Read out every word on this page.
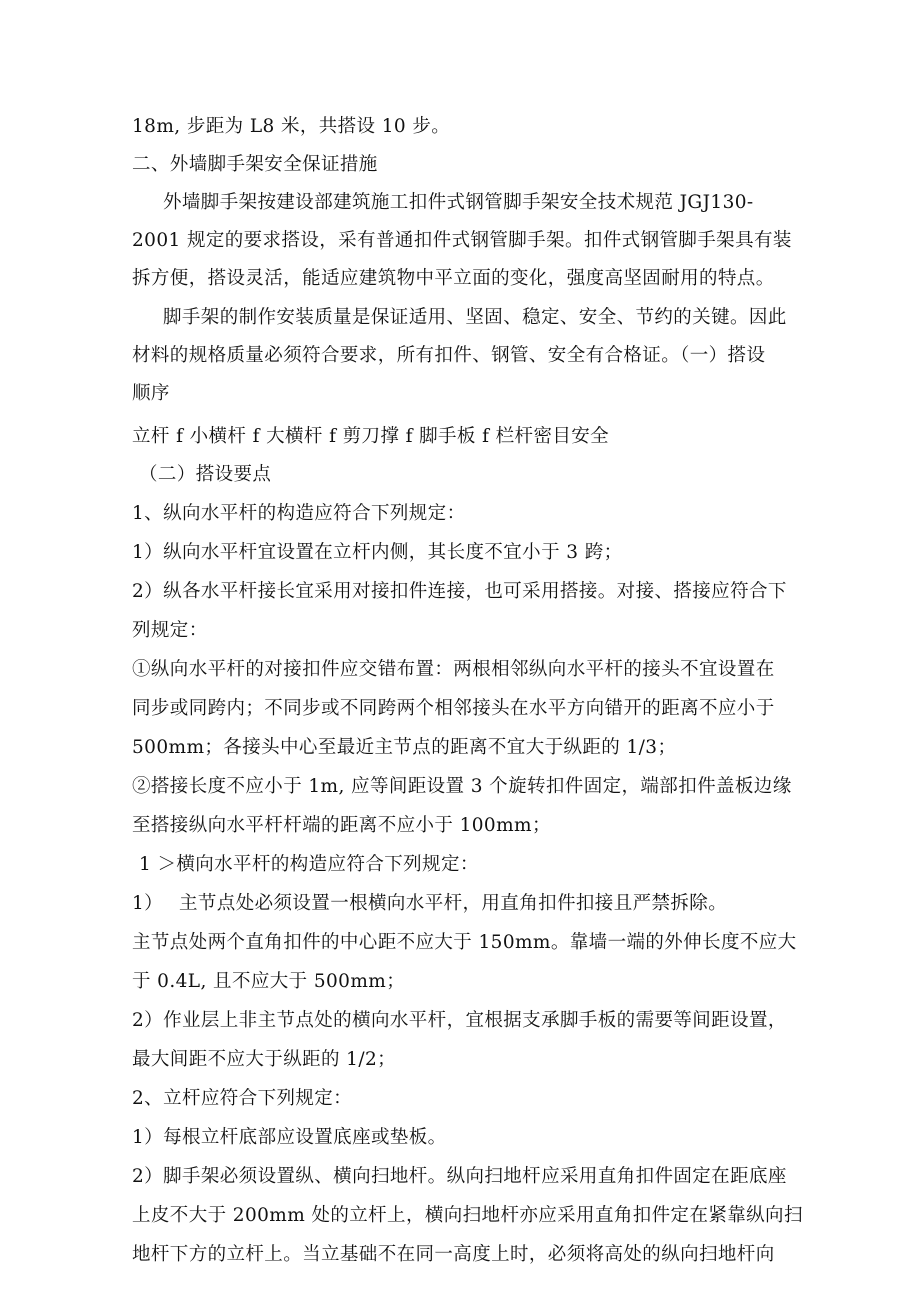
18m, 步距为 L8 米，共搭设 10 步。
二、外墙脚手架安全保证措施
外墙脚手架按建设部建筑施工扣件式钢管脚手架安全技术规范 JGJ130-
2001 规定的要求搭设，采有普通扣件式钢管脚手架。扣件式钢管脚手架具有装
拆方便，搭设灵活，能适应建筑物中平立面的变化，强度高坚固耐用的特点。
脚手架的制作安装质量是保证适用、坚固、稳定、安全、节约的关键。因此
材料的规格质量必须符合要求，所有扣件、钢管、安全有合格证。（一）搭设
顺序
立杆 f 小横杆 f 大横杆 f 剪刀撑 f 脚手板 f 栏杆密目安全
（二）搭设要点
1、纵向水平杆的构造应符合下列规定：
1）纵向水平杆宜设置在立杆内侧，其长度不宜小于 3 跨；
2）纵各水平杆接长宜采用对接扣件连接，也可采用搭接。对接、搭接应符合下
列规定：
①纵向水平杆的对接扣件应交错布置：两根相邻纵向水平杆的接头不宜设置在
同步或同跨内；不同步或不同跨两个相邻接头在水平方向错开的距离不应小于
500mm；各接头中心至最近主节点的距离不宜大于纵距的 1/3；
②搭接长度不应小于 1m, 应等间距设置 3 个旋转扣件固定，端部扣件盖板边缘
至搭接纵向水平杆杆端的距离不应小于 100mm；
1 ＞横向水平杆的构造应符合下列规定：
1）　 主节点处必须设置一根横向水平杆，用直角扣件扣接且严禁拆除。
主节点处两个直角扣件的中心距不应大于 150mm。靠墙一端的外伸长度不应大
于 0.4L, 且不应大于 500mm；
2）作业层上非主节点处的横向水平杆，宜根据支承脚手板的需要等间距设置，
最大间距不应大于纵距的 1/2；
2、立杆应符合下列规定：
1）每根立杆底部应设置底座或垫板。
2）脚手架必须设置纵、横向扫地杆。纵向扫地杆应采用直角扣件固定在距底座
上皮不大于 200mm 处的立杆上，横向扫地杆亦应采用直角扣件定在紧靠纵向扫
地杆下方的立杆上。当立基础不在同一高度上时，必须将高处的纵向扫地杆向
